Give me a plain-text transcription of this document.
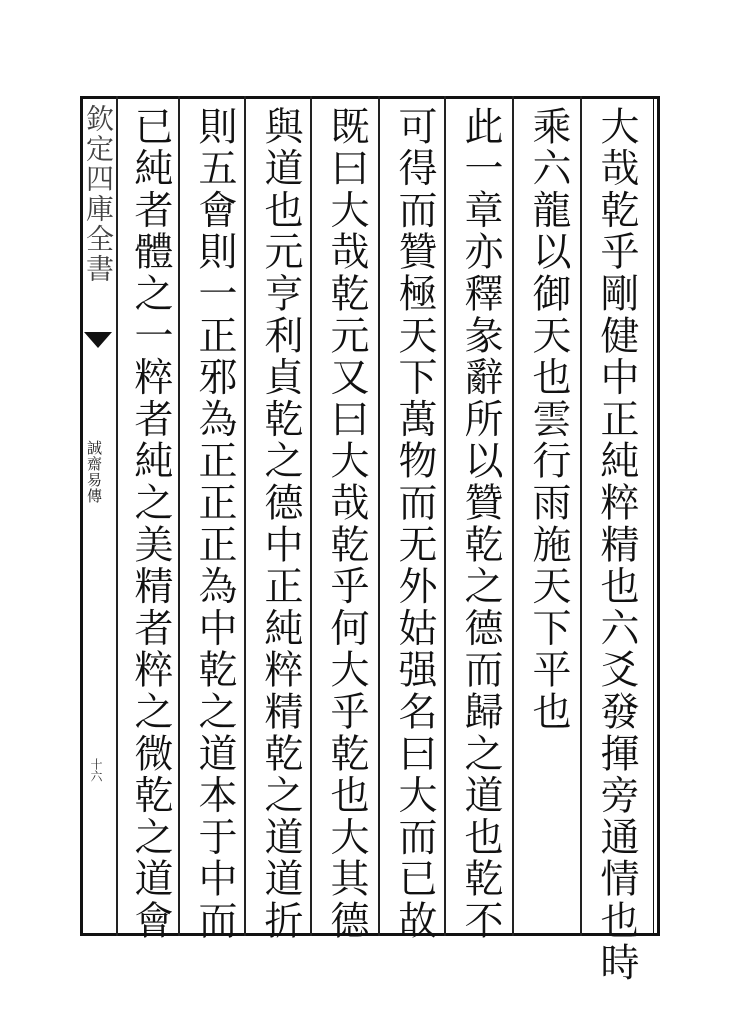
欽定四庫全書
誠齋易傳
十六	大哉乾乎剛健中正純粹精也六爻發揮旁通情也時
乘六龍以御天也雲行雨施天下平也
此一章亦釋彖辭所以贊乾之德而歸之道也乾不
可得而贊極天下萬物而无外姑强名曰大而已故
既曰大哉乾元又曰大哉乾乎何大乎乾也大其德
與道也元亨利貞乾之德中正純粹精乾之道道折
則五會則一正邪為正正正為中乾之道本于中而
已純者體之一粹者純之美精者粹之微乾之道會
